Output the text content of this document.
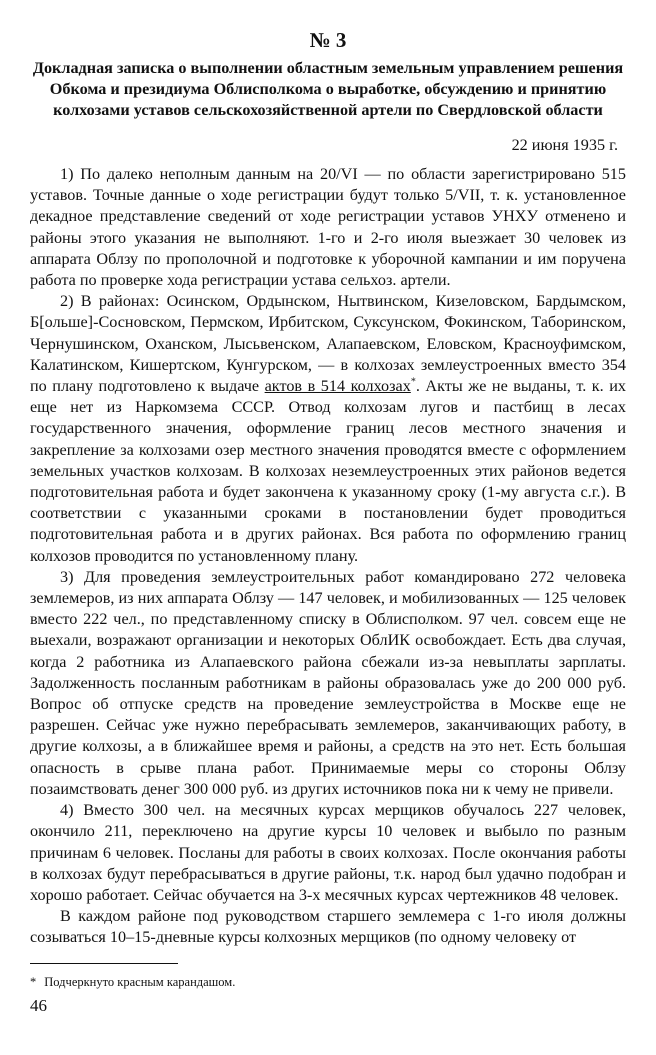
№ 3
Докладная записка о выполнении областным земельным управлением решения Обкома и президиума Облисполкома о выработке, обсуждению и принятию колхозами уставов сельскохозяйственной артели по Свердловской области
22 июня 1935 г.

1) По далеко неполным данным на 20/VI — по области зарегистрировано 515 уставов. Точные данные о ходе регистрации будут только 5/VII, т. к. установленное декадное представление сведений от ходе регистрации уставов УНХУ отменено и районы этого указания не выполняют. 1-го и 2-го июля выезжает 30 человек из аппарата Облзу по прополочной и подготовке к уборочной кампании и им поручена работа по проверке хода регистрации устава сельхоз. артели.

2) В районах: Осинском, Ордынском, Нытвинском, Кизеловском, Бардымском, Б[ольше]-Сосновском, Пермском, Ирбитском, Суксунском, Фокинском, Таборинском, Чернушинском, Оханском, Лысьвенском, Алапаевском, Еловском, Красноуфимском, Калатинском, Кишертском, Кунгурском, — в колхозах землеустроенных вместо 354 по плану подготовлено к выдаче актов в 514 колхозах*. Акты же не выданы, т. к. их еще нет из Наркомзема СССР. Отвод колхозам лугов и пастбищ в лесах государственного значения, оформление границ лесов местного значения и закрепление за колхозами озер местного значения проводятся вместе с оформлением земельных участков колхозам. В колхозах неземлеустроенных этих районов ведется подготовительная работа и будет закончена к указанному сроку (1-му августа с.г.). В соответствии с указанными сроками в постановлении будет проводиться подготовительная работа и в других районах. Вся работа по оформлению границ колхозов проводится по установленному плану.

3) Для проведения землеустроительных работ командировано 272 человека землемеров, из них аппарата Облзу — 147 человек, и мобилизованных — 125 человек вместо 222 чел., по представленному списку в Облисполком. 97 чел. совсем еще не выехали, возражают организации и некоторых ОблИК освобождает. Есть два случая, когда 2 работника из Алапаевского района сбежали из-за невыплаты зарплаты. Задолженность посланным работникам в районы образовалась уже до 200 000 руб. Вопрос об отпуске средств на проведение землеустройства в Москве еще не разрешен. Сейчас уже нужно перебрасывать землемеров, заканчивающих работу, в другие колхозы, а в ближайшее время и районы, а средств на это нет. Есть большая опасность в срыве плана работ. Принимаемые меры со стороны Облзу позаимствовать денег 300 000 руб. из других источников пока ни к чему не привели.

4) Вместо 300 чел. на месячных курсах мерщиков обучалось 227 человек, окончило 211, переключено на другие курсы 10 человек и выбыло по разным причинам 6 человек. Посланы для работы в своих колхозах. После окончания работы в колхозах будут перебрасываться в другие районы, т.к. народ был удачно подобран и хорошо работает. Сейчас обучается на 3-х месячных курсах чертежников 48 человек.

В каждом районе под руководством старшего землемера с 1-го июля должны созываться 10–15-дневные курсы колхозных мерщиков (по одному человеку от

* Подчеркнуто красным карандашом.
46
